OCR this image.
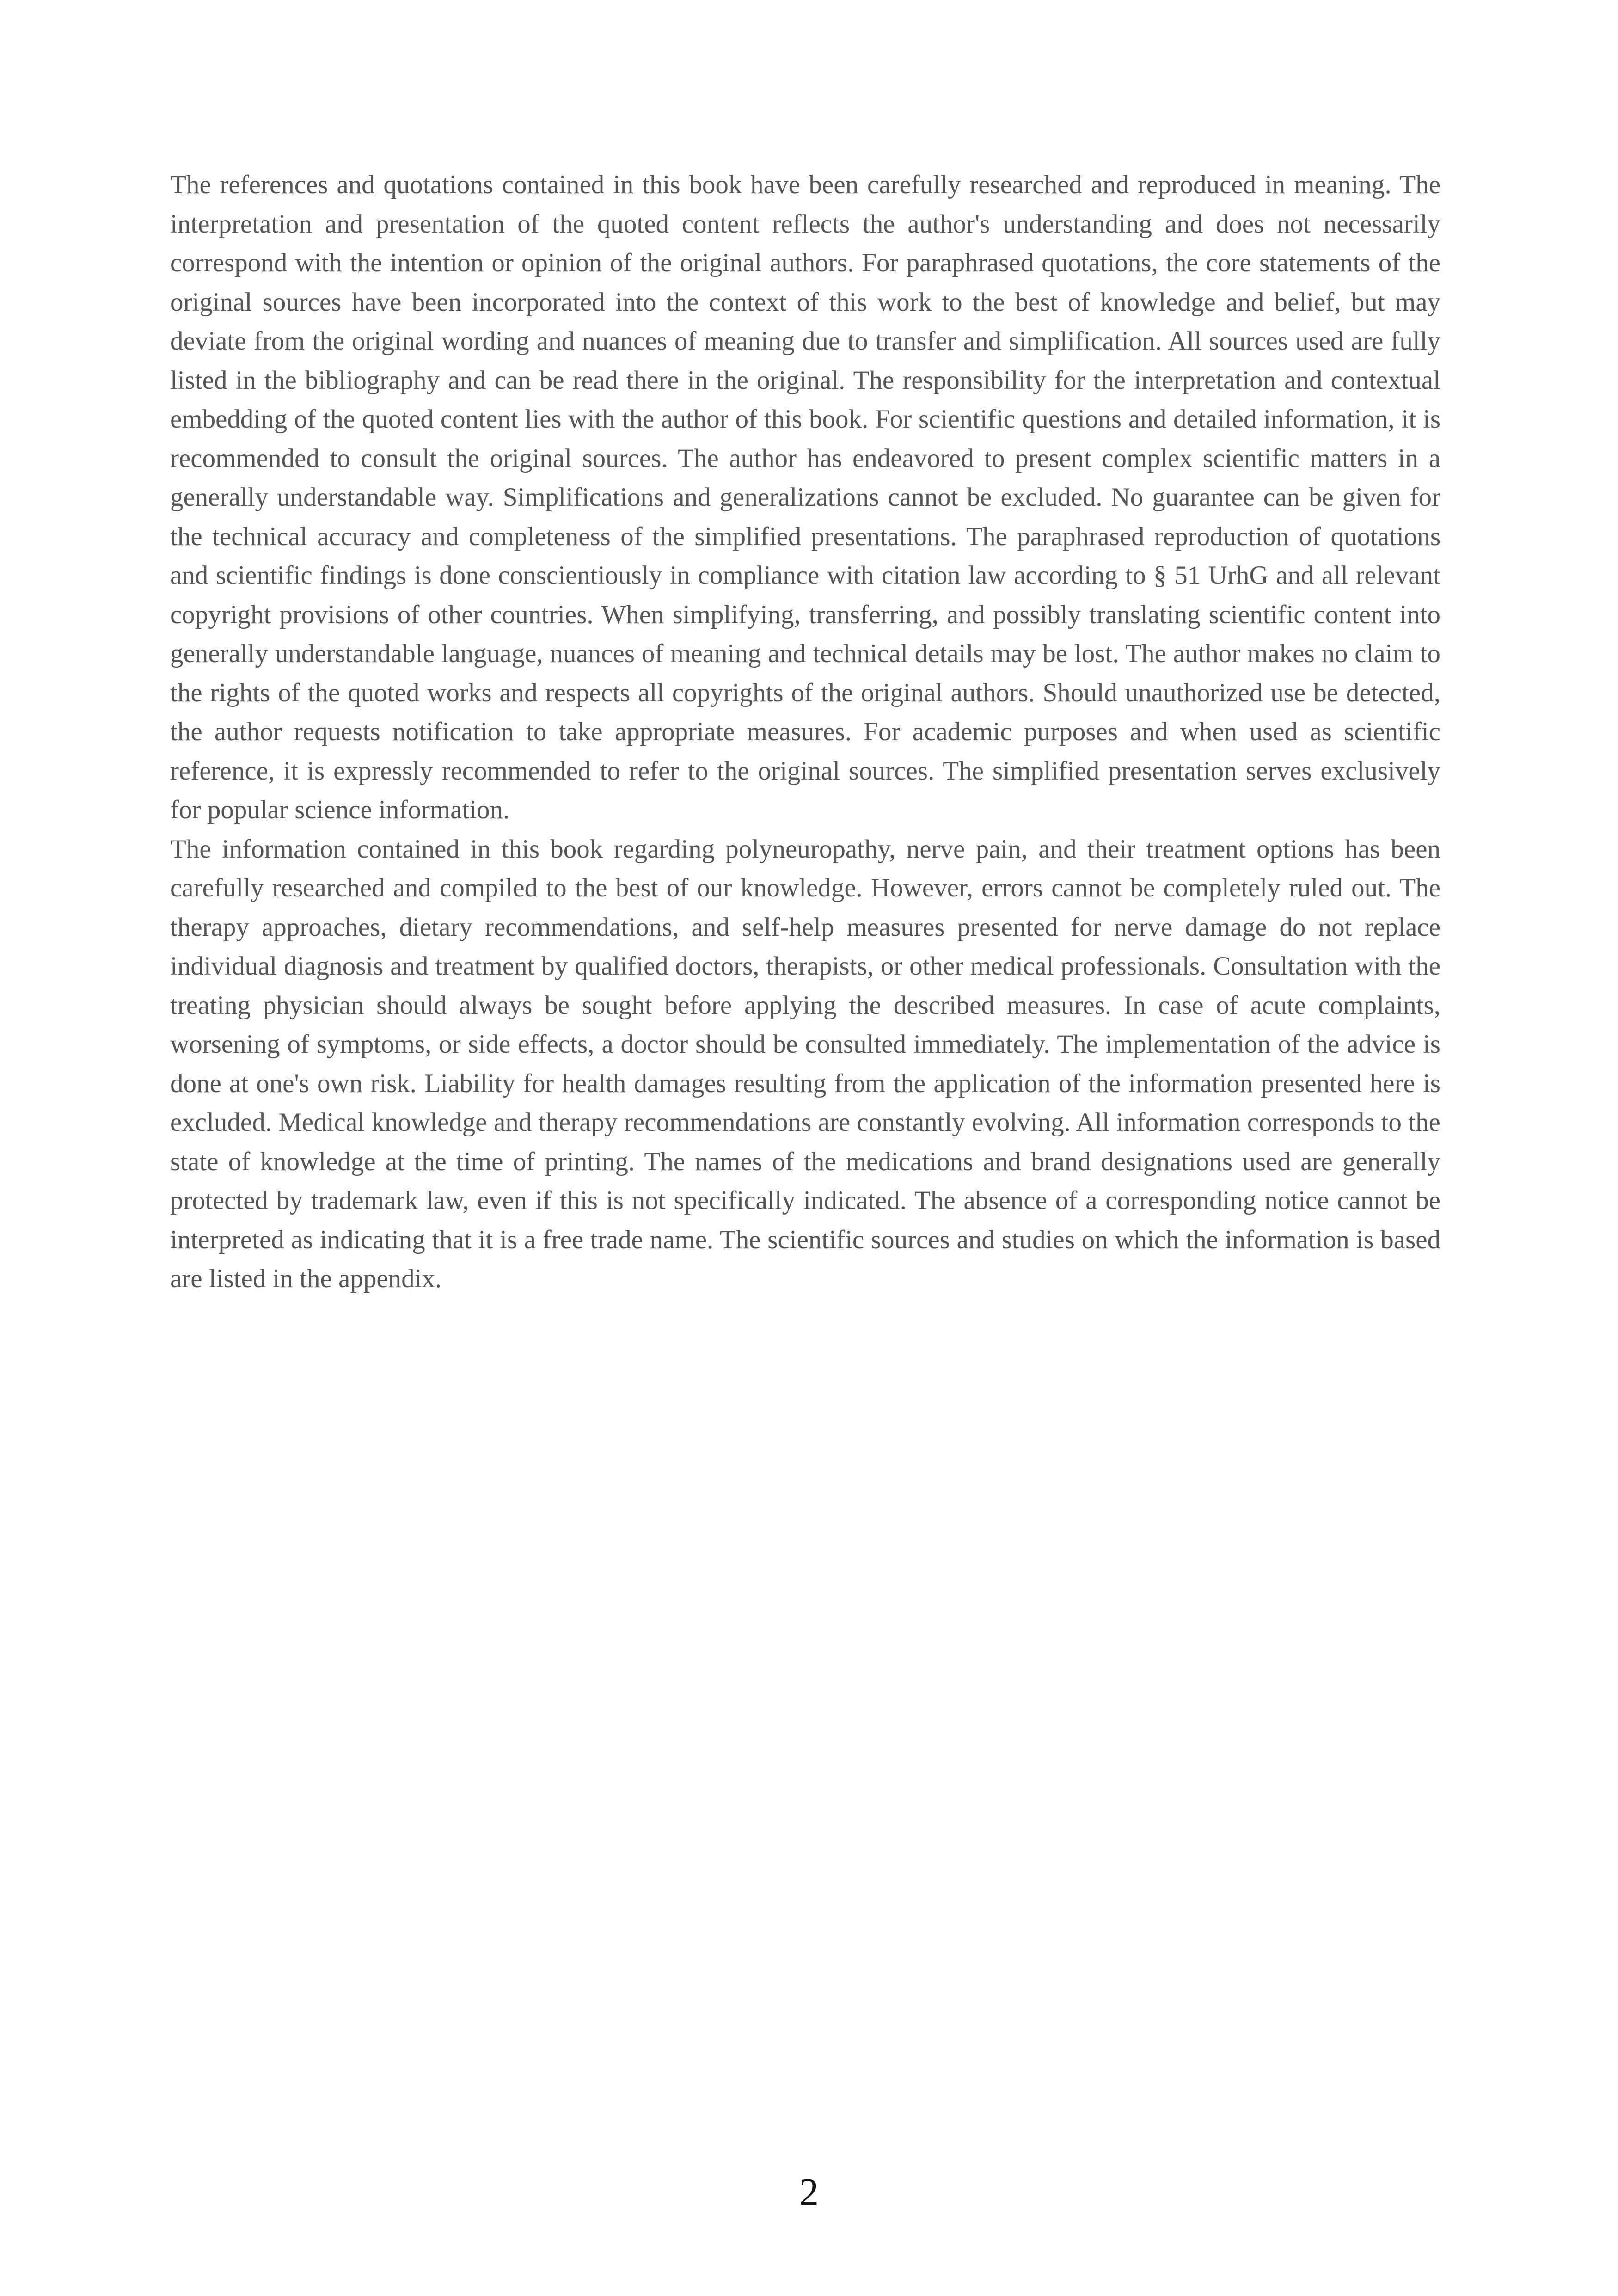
The references and quotations contained in this book have been carefully researched and reproduced in meaning. The interpretation and presentation of the quoted content reflects the author's understanding and does not necessarily correspond with the intention or opinion of the original authors. For paraphrased quotations, the core statements of the original sources have been incorporated into the context of this work to the best of knowledge and belief, but may deviate from the original wording and nuances of meaning due to transfer and simplification. All sources used are fully listed in the bibliography and can be read there in the original. The responsibility for the interpretation and contextual embedding of the quoted content lies with the author of this book. For scientific questions and detailed information, it is recommended to consult the original sources. The author has endeavored to present complex scientific matters in a generally understandable way. Simplifications and generalizations cannot be excluded. No guarantee can be given for the technical accuracy and completeness of the simplified presentations. The paraphrased reproduction of quotations and scientific findings is done conscientiously in compliance with citation law according to § 51 UrhG and all relevant copyright provisions of other countries. When simplifying, transferring, and possibly translating scientific content into generally understandable language, nuances of meaning and technical details may be lost. The author makes no claim to the rights of the quoted works and respects all copyrights of the original authors. Should unauthorized use be detected, the author requests notification to take appropriate measures. For academic purposes and when used as scientific reference, it is expressly recommended to refer to the original sources. The simplified presentation serves exclusively for popular science information.

The information contained in this book regarding polyneuropathy, nerve pain, and their treatment options has been carefully researched and compiled to the best of our knowledge. However, errors cannot be completely ruled out. The therapy approaches, dietary recommendations, and self-help measures presented for nerve damage do not replace individual diagnosis and treatment by qualified doctors, therapists, or other medical professionals. Consultation with the treating physician should always be sought before applying the described measures. In case of acute complaints, worsening of symptoms, or side effects, a doctor should be consulted immediately. The implementation of the advice is done at one's own risk. Liability for health damages resulting from the application of the information presented here is excluded. Medical knowledge and therapy recommendations are constantly evolving. All information corresponds to the state of knowledge at the time of printing. The names of the medications and brand designations used are generally protected by trademark law, even if this is not specifically indicated. The absence of a corresponding notice cannot be interpreted as indicating that it is a free trade name. The scientific sources and studies on which the information is based are listed in the appendix.

2
